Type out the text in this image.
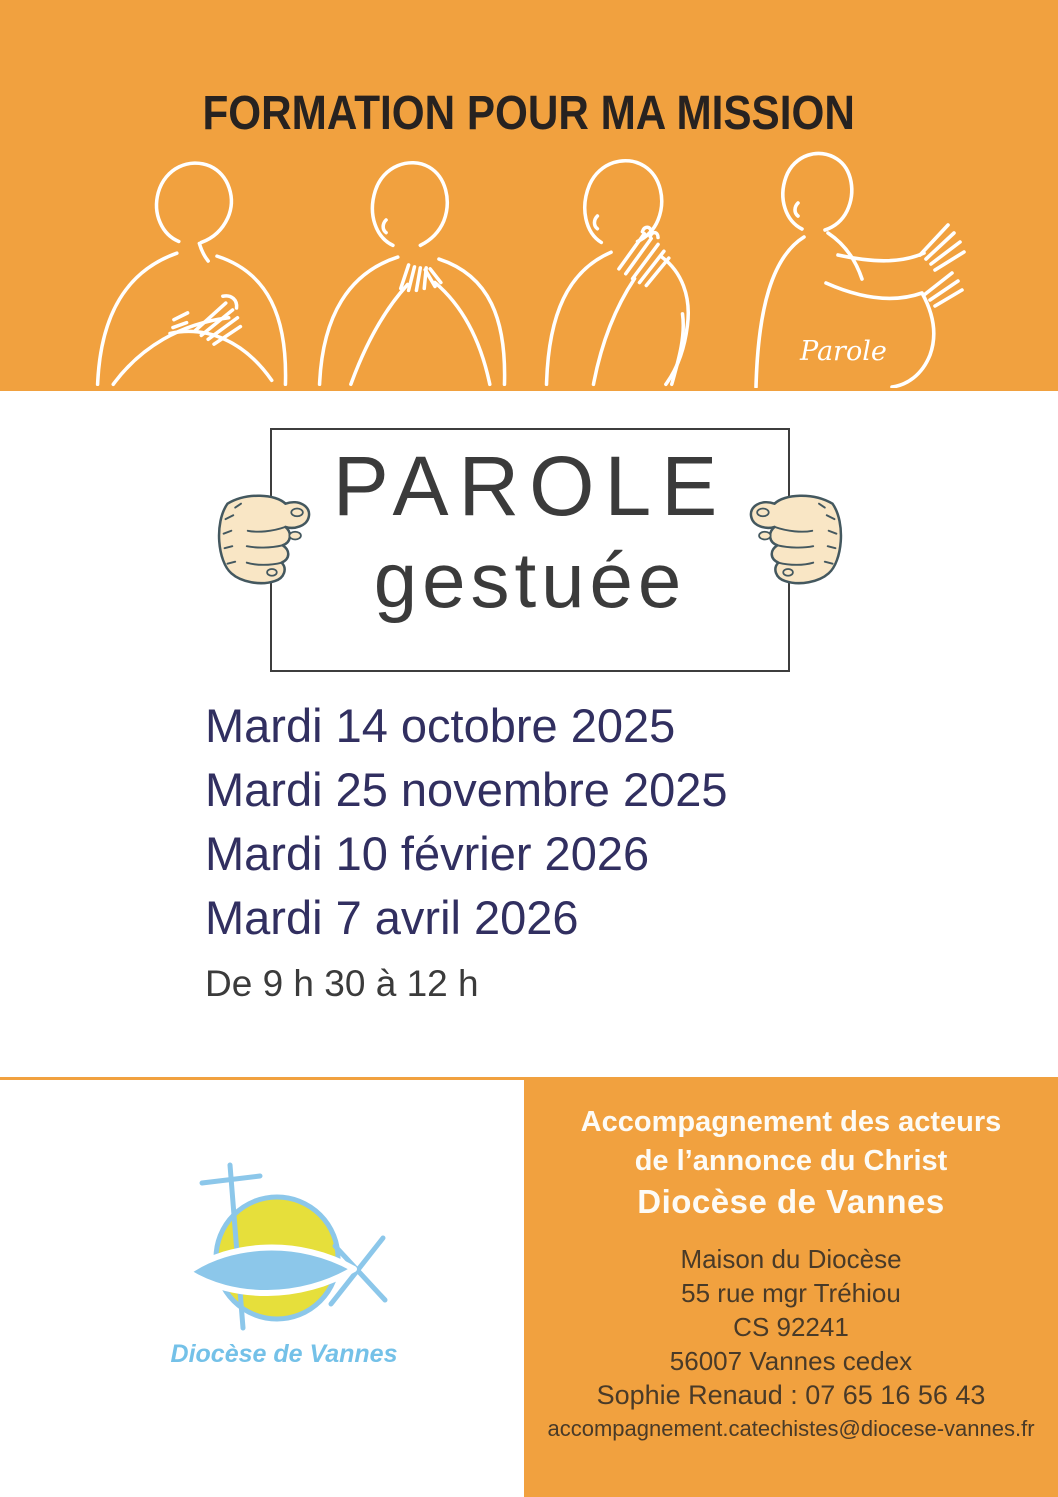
FORMATION POUR MA MISSION
Parole
PAROLE
gestuée
Mardi 14 octobre 2025
Mardi 25 novembre 2025
Mardi 10 février 2026
Mardi 7 avril 2026
De 9 h 30 à 12 h
Accompagnement des acteurs
de l’annonce du Christ
Diocèse de Vannes
Maison du Diocèse
55 rue mgr Tréhiou
CS 92241
56007 Vannes cedex
Sophie Renaud : 07 65 16 56 43
accompagnement.catechistes@diocese-vannes.fr
Diocèse de Vannes
